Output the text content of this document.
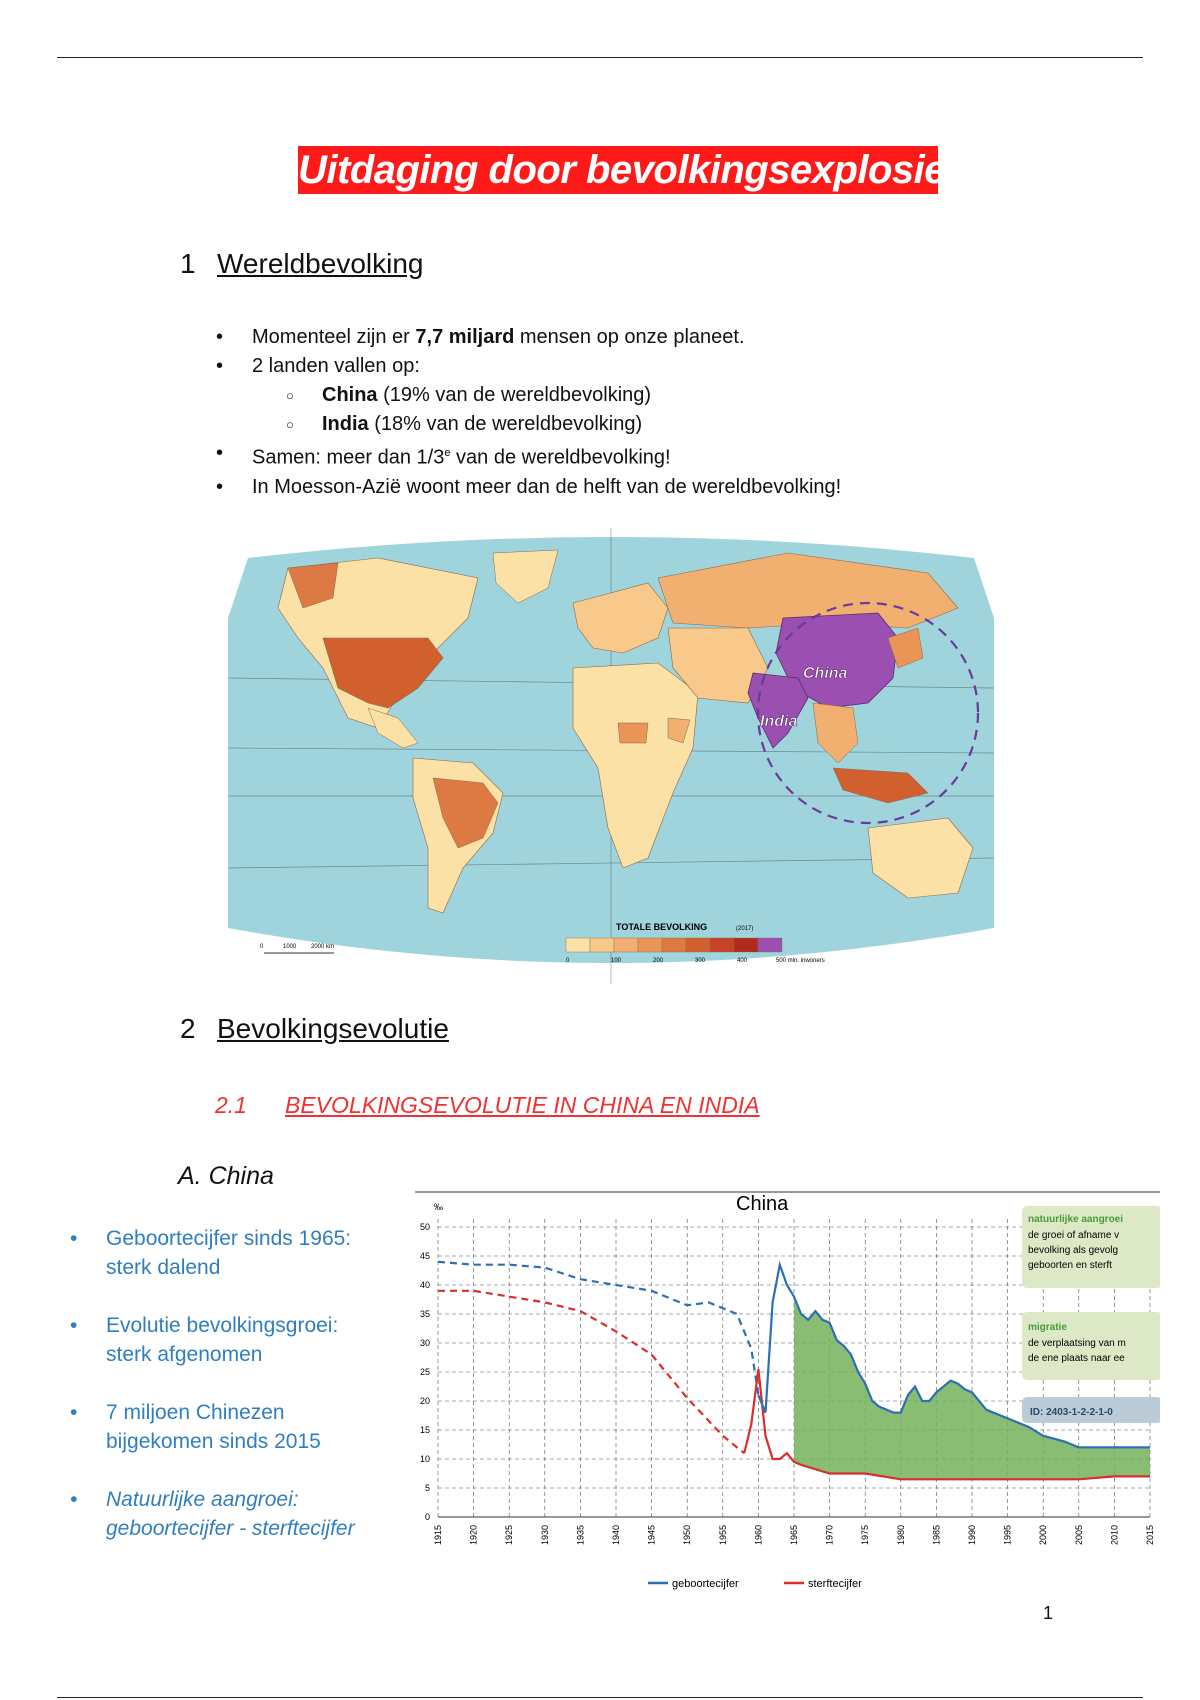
Uitdaging door bevolkingsexplosie
1 Wereldbevolking
• Momenteel zijn er 7,7 miljard mensen op onze planeet.
• 2 landen vallen op:
○ China (19% van de wereldbevolking)
○ India (18% van de wereldbevolking)
• Samen: meer dan 1/3e van de wereldbevolking!
• In Moesson-Azië woont meer dan de helft van de wereldbevolking!
China
India
0	1000 2000 km
TOTALE BEVOLKING	(2017)
0	100	200	300	400	500 mln. inwoners
2 Bevolkingsevolutie
2.1 BEVOLKINGSEVOLUTIE IN CHINA EN INDIA
A. China
• Geboortecijfer sinds 1965:
sterk dalend
• Evolutie bevolkingsgroei:
sterk afgenomen
• 7 miljoen Chinezen
bijgekomen sinds 2015
• Natuurlijke aangroei:
geboortecijfer - sterftecijfer
China
‰
0
5
10
15
20
25
30
35
40
45
50
1915	1920	1925	1930	1935	1940	1945	1950	1955	1960	1965	1970	1975	1980	1985	1990	1995	2000	2005	2010	2015
natuurlijke aangroei
de groei of afname v
bevolking als gevolg
geboorten en sterft
migratie
de verplaatsing van m
de ene plaats naar ee
ID: 2403-1-2-2-1-0
geboortecijfer	sterftecijfer
1
